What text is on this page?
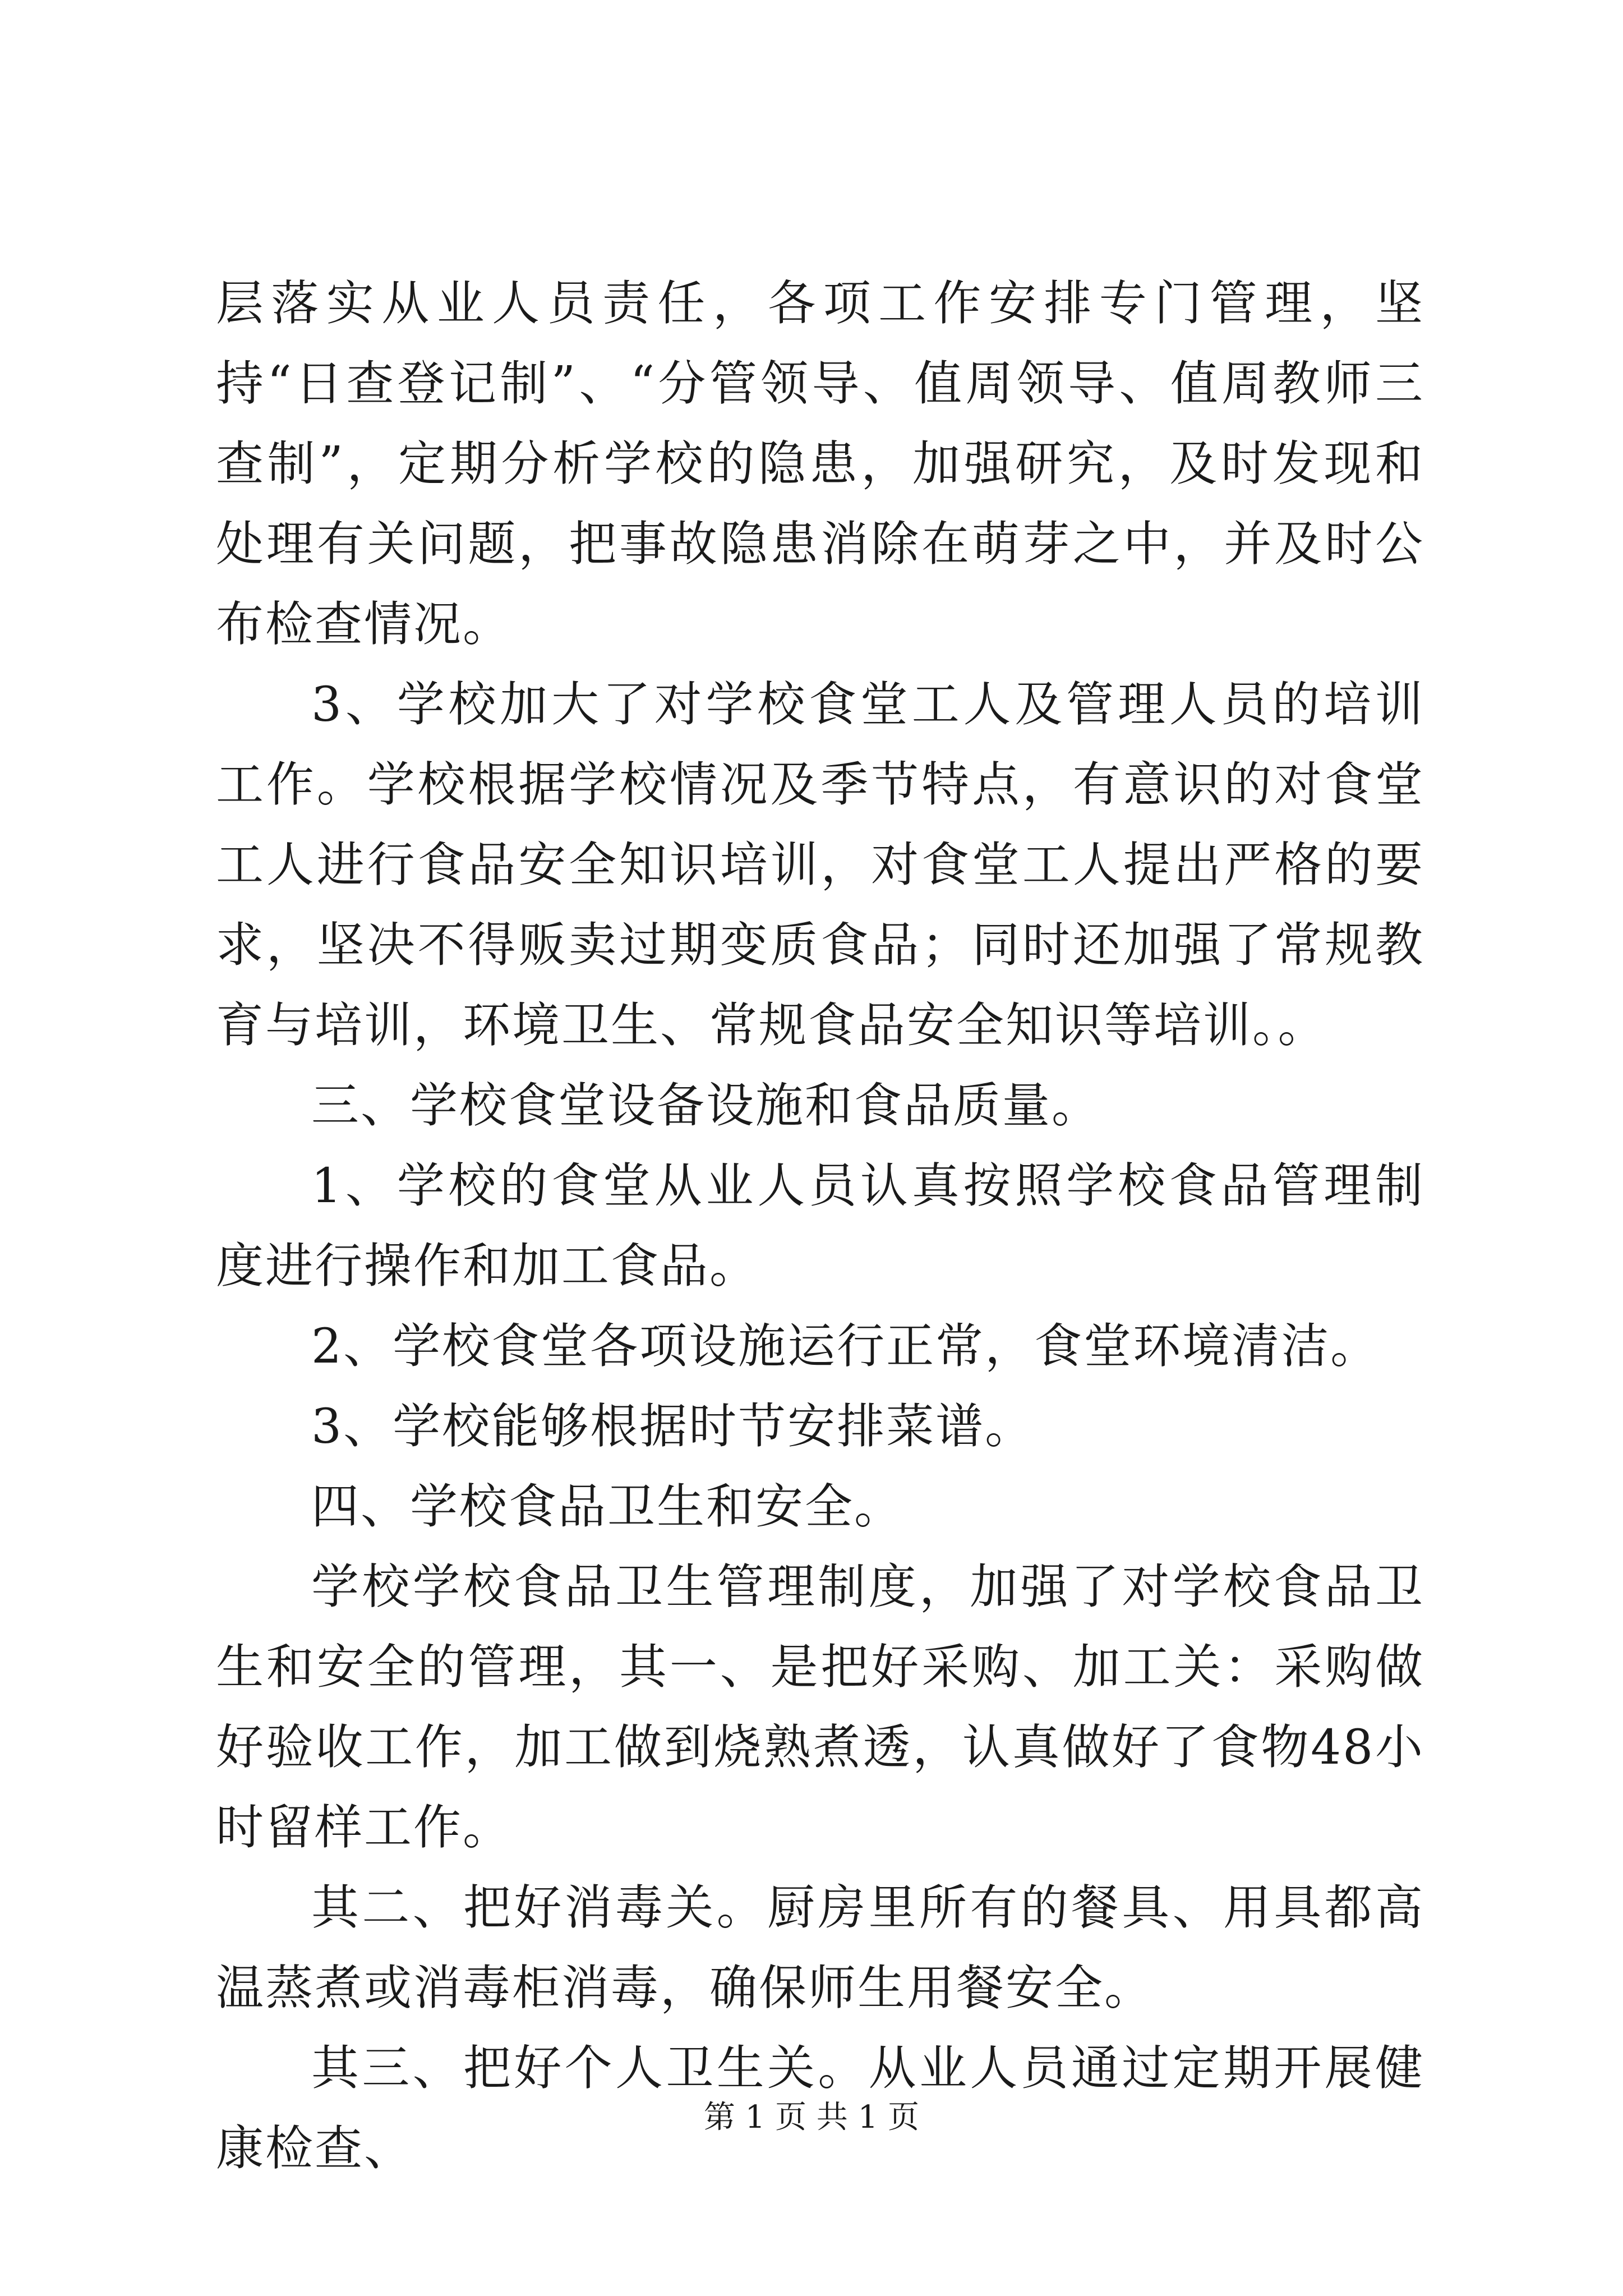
层落实从业人员责任，各项工作安排专门管理，坚持“日查登记制”、“分管领导、值周领导、值周教师三查制”，定期分析学校的隐患，加强研究，及时发现和处理有关问题，把事故隐患消除在萌芽之中，并及时公布检查情况。

3、学校加大了对学校食堂工人及管理人员的培训工作。学校根据学校情况及季节特点，有意识的对食堂工人进行食品安全知识培训，对食堂工人提出严格的要求，坚决不得贩卖过期变质食品；同时还加强了常规教育与培训，环境卫生、常规食品安全知识等培训。。

三、学校食堂设备设施和食品质量。

1、学校的食堂从业人员认真按照学校食品管理制度进行操作和加工食品。

2、学校食堂各项设施运行正常，食堂环境清洁。

3、学校能够根据时节安排菜谱。

四、学校食品卫生和安全。

学校学校食品卫生管理制度，加强了对学校食品卫生和安全的管理，其一、是把好采购、加工关：采购做好验收工作，加工做到烧熟煮透，认真做好了食物48小时留样工作。

其二、把好消毒关。厨房里所有的餐具、用具都高温蒸煮或消毒柜消毒，确保师生用餐安全。

其三、把好个人卫生关。从业人员通过定期开展健康检查、

第 1 页 共 1 页
